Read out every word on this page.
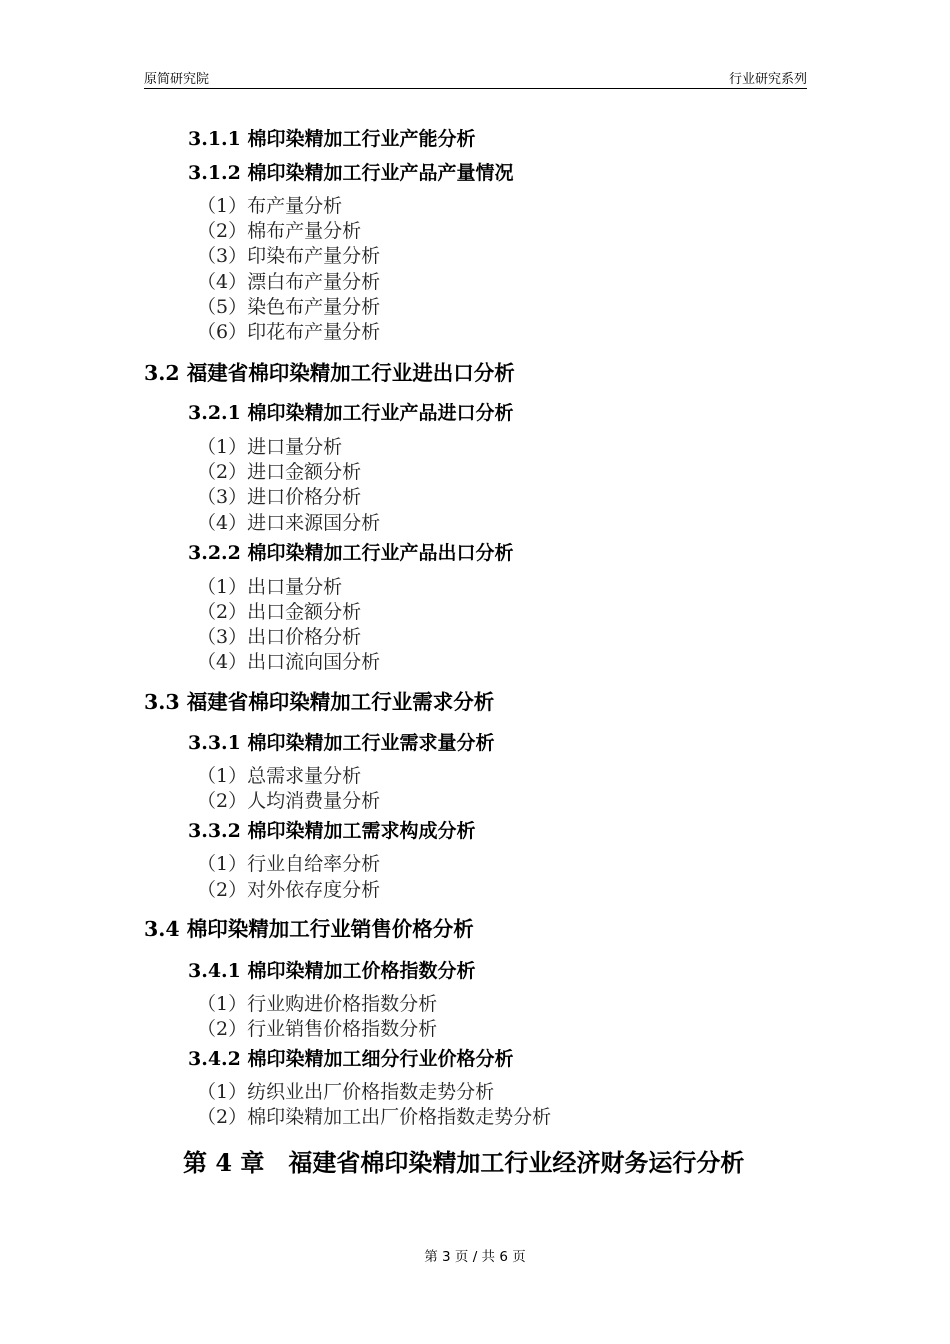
原简研究院	行业研究系列
3.1.1 棉印染精加工行业产能分析
3.1.2 棉印染精加工行业产品产量情况
（1）布产量分析
（2）棉布产量分析
（3）印染布产量分析
（4）漂白布产量分析
（5）染色布产量分析
（6）印花布产量分析
3.2 福建省棉印染精加工行业进出口分析
3.2.1 棉印染精加工行业产品进口分析
（1）进口量分析
（2）进口金额分析
（3）进口价格分析
（4）进口来源国分析
3.2.2 棉印染精加工行业产品出口分析
（1）出口量分析
（2）出口金额分析
（3）出口价格分析
（4）出口流向国分析
3.3 福建省棉印染精加工行业需求分析
3.3.1 棉印染精加工行业需求量分析
（1）总需求量分析
（2）人均消费量分析
3.3.2 棉印染精加工需求构成分析
（1）行业自给率分析
（2）对外依存度分析
3.4 棉印染精加工行业销售价格分析
3.4.1 棉印染精加工价格指数分析
（1）行业购进价格指数分析
（2）行业销售价格指数分析
3.4.2 棉印染精加工细分行业价格分析
（1）纺织业出厂价格指数走势分析
（2）棉印染精加工出厂价格指数走势分析
第 4 章　福建省棉印染精加工行业经济财务运行分析
第 3 页 / 共 6 页
